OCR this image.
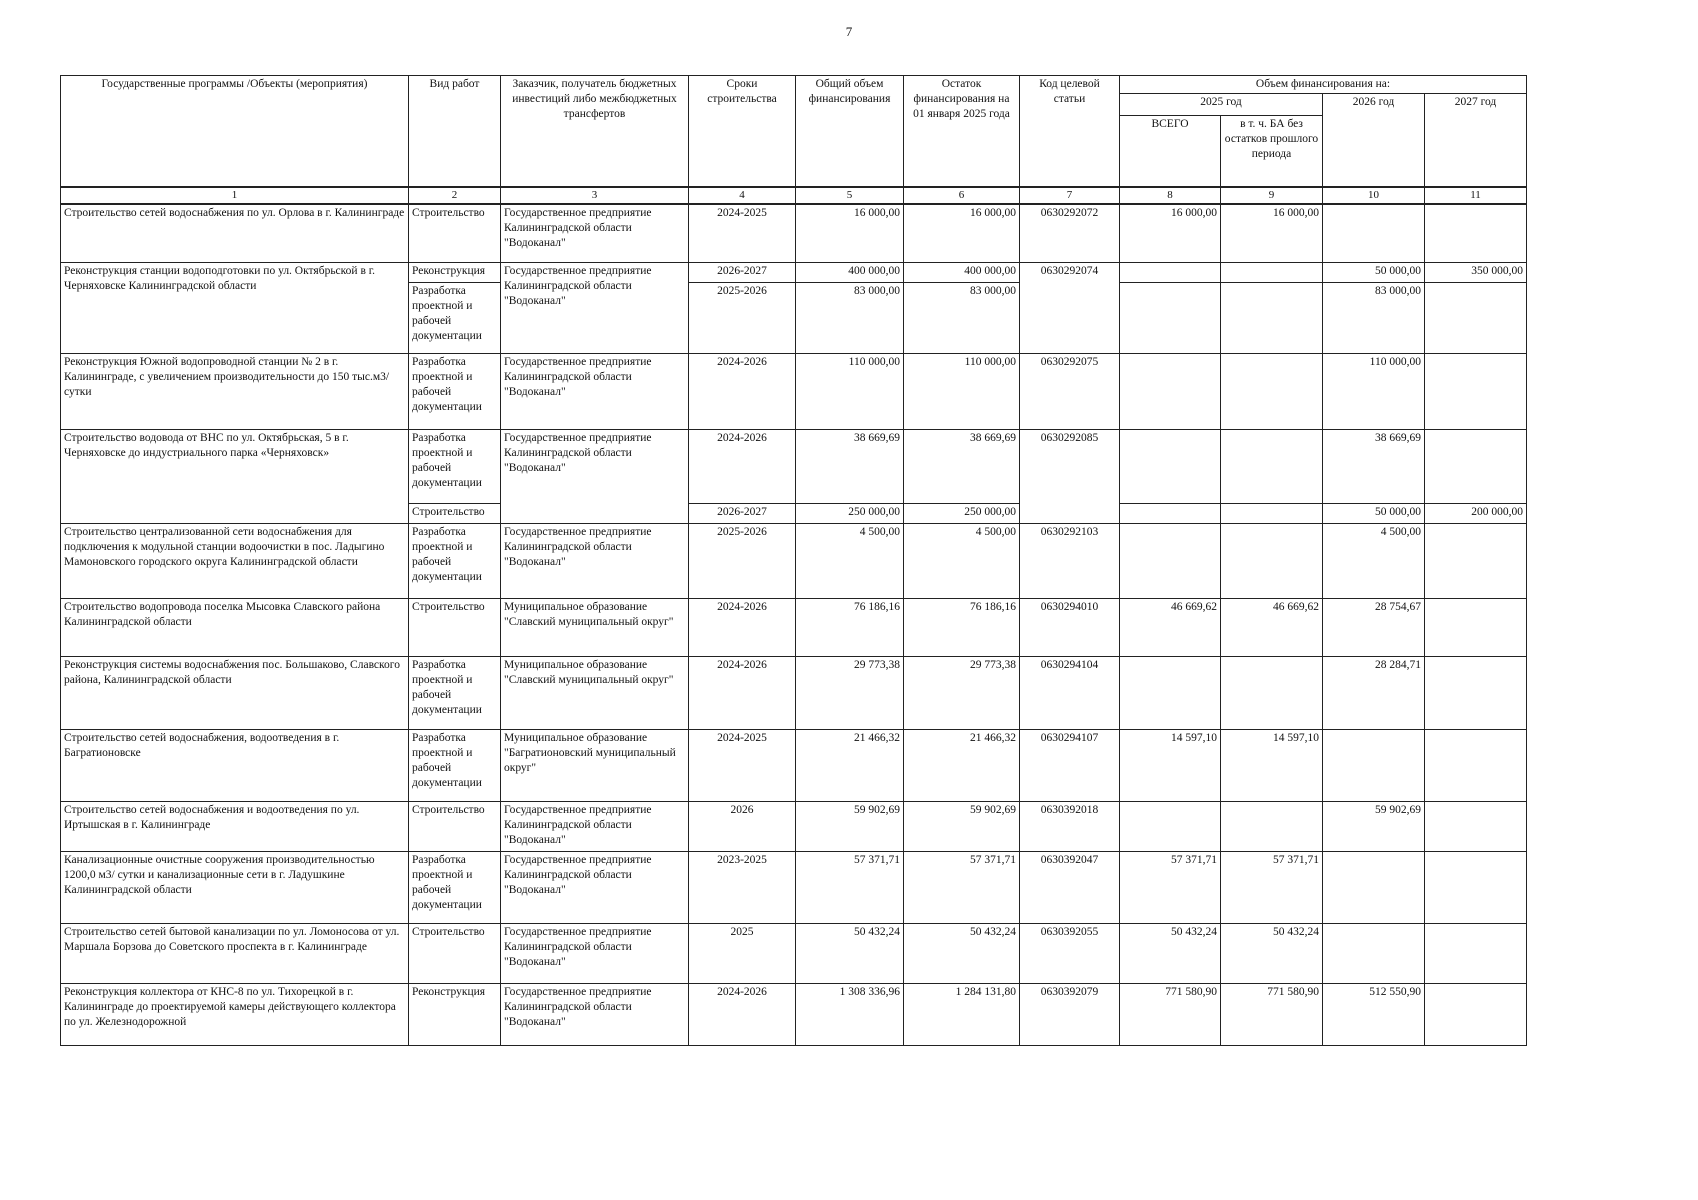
7
Государственные программы /Объекты (мероприятия)	Вид работ	Заказчик, получатель бюджетных инвестиций либо межбюджетных трансфертов	Сроки строительства	Общий объем финансирования	Остаток финансирования на 01 января 2025 года	Код целевой статьи	Объем финансирования на:			
							2025 год		2026 год	2027 год
							ВСЕГО	в т. ч. БА без остатков прошлого периода		
1	2	3	4	5	6	7	8	9	10	11
Строительство сетей водоснабжения по ул. Орлова в г. Калининграде	Строительство	Государственное предприятие Калининградской области "Водоканал"	2024-2025	16 000,00	16 000,00	0630292072	16 000,00	16 000,00		
Реконструкция станции водоподготовки по ул. Октябрьской в г. Черняховске Калининградской области	Реконструкция	Государственное предприятие Калининградской области "Водоканал"	2026-2027	400 000,00	400 000,00	0630292074			50 000,00	350 000,00
	Разработка проектной и рабочей документации		2025-2026	83 000,00	83 000,00				83 000,00	
Реконструкция Южной водопроводной станции № 2 в г. Калининграде, с увеличением производительности до 150 тыс.м3/сутки	Разработка проектной и рабочей документации	Государственное предприятие Калининградской области "Водоканал"	2024-2026	110 000,00	110 000,00	0630292075			110 000,00	
Строительство водовода от ВНС по ул. Октябрьская, 5 в г. Черняховске до индустриального парка «Черняховск»	Разработка проектной и рабочей документации	Государственное предприятие Калининградской области "Водоканал"	2024-2026	38 669,69	38 669,69	0630292085			38 669,69	
	Строительство		2026-2027	250 000,00	250 000,00				50 000,00	200 000,00
Строительство централизованной сети водоснабжения для подключения к модульной станции водоочистки в пос. Ладыгино Мамоновского городского округа Калининградской области	Разработка проектной и рабочей документации	Государственное предприятие Калининградской области "Водоканал"	2025-2026	4 500,00	4 500,00	0630292103			4 500,00	
Строительство водопровода поселка Мысовка Славского района Калининградской области	Строительство	Муниципальное образование "Славский муниципальный округ"	2024-2026	76 186,16	76 186,16	0630294010	46 669,62	46 669,62	28 754,67	
Реконструкция системы водоснабжения пос. Большаково, Славского района, Калининградской области	Разработка проектной и рабочей документации	Муниципальное образование "Славский муниципальный округ"	2024-2026	29 773,38	29 773,38	0630294104			28 284,71	
Строительство сетей водоснабжения, водоотведения в г. Багратионовске	Разработка проектной и рабочей документации	Муниципальное образование "Багратионовский муниципальный округ"	2024-2025	21 466,32	21 466,32	0630294107	14 597,10	14 597,10		
Строительство сетей водоснабжения и водоотведения по ул. Иртышская в г. Калининграде	Строительство	Государственное предприятие Калининградской области "Водоканал"	2026	59 902,69	59 902,69	0630392018			59 902,69	
Канализационные очистные сооружения производительностью 1200,0 м3/ сутки и канализационные сети в г. Ладушкине Калининградской области	Разработка проектной и рабочей документации	Государственное предприятие Калининградской области "Водоканал"	2023-2025	57 371,71	57 371,71	0630392047	57 371,71	57 371,71		
Строительство сетей бытовой канализации по ул. Ломоносова от ул. Маршала Борзова до Советского проспекта в г. Калининграде	Строительство	Государственное предприятие Калининградской области "Водоканал"	2025	50 432,24	50 432,24	0630392055	50 432,24	50 432,24		
Реконструкция коллектора от КНС-8 по ул. Тихорецкой в г. Калининграде до проектируемой камеры действующего коллектора по ул. Железнодорожной	Реконструкция	Государственное предприятие Калининградской области "Водоканал"	2024-2026	1 308 336,96	1 284 131,80	0630392079	771 580,90	771 580,90	512 550,90	
